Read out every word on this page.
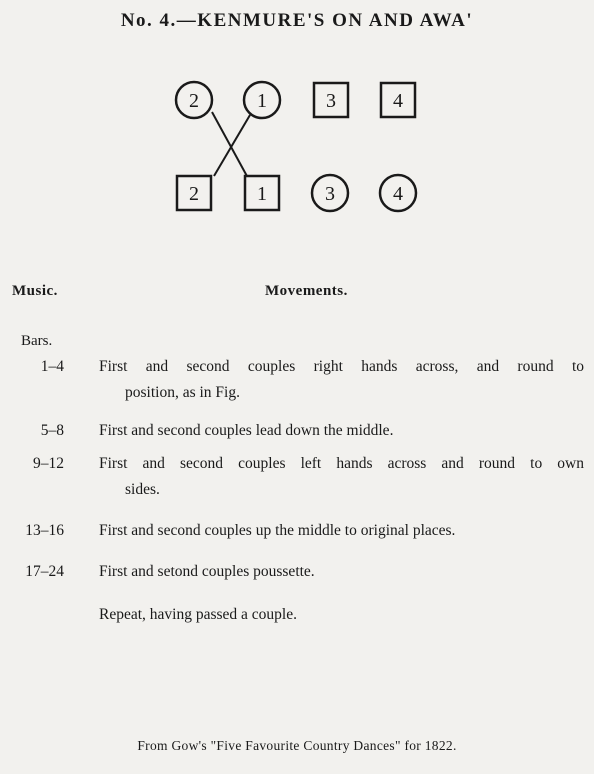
No. 4.—KENMURE'S ON AND AWA'
2	1	3	4
2	1	3	4
Music.	Movements.
Bars.
1–4 First and second couples right hands across, and round to
position, as in Fig.
5–8 First and second couples lead down the middle.
9–12 First and second couples left hands across and round to own
sides.
13–16 First and second couples up the middle to original places.
17–24 First and setond couples poussette.
Repeat, having passed a couple.
From Gow's "Five Favourite Country Dances" for 1822.
